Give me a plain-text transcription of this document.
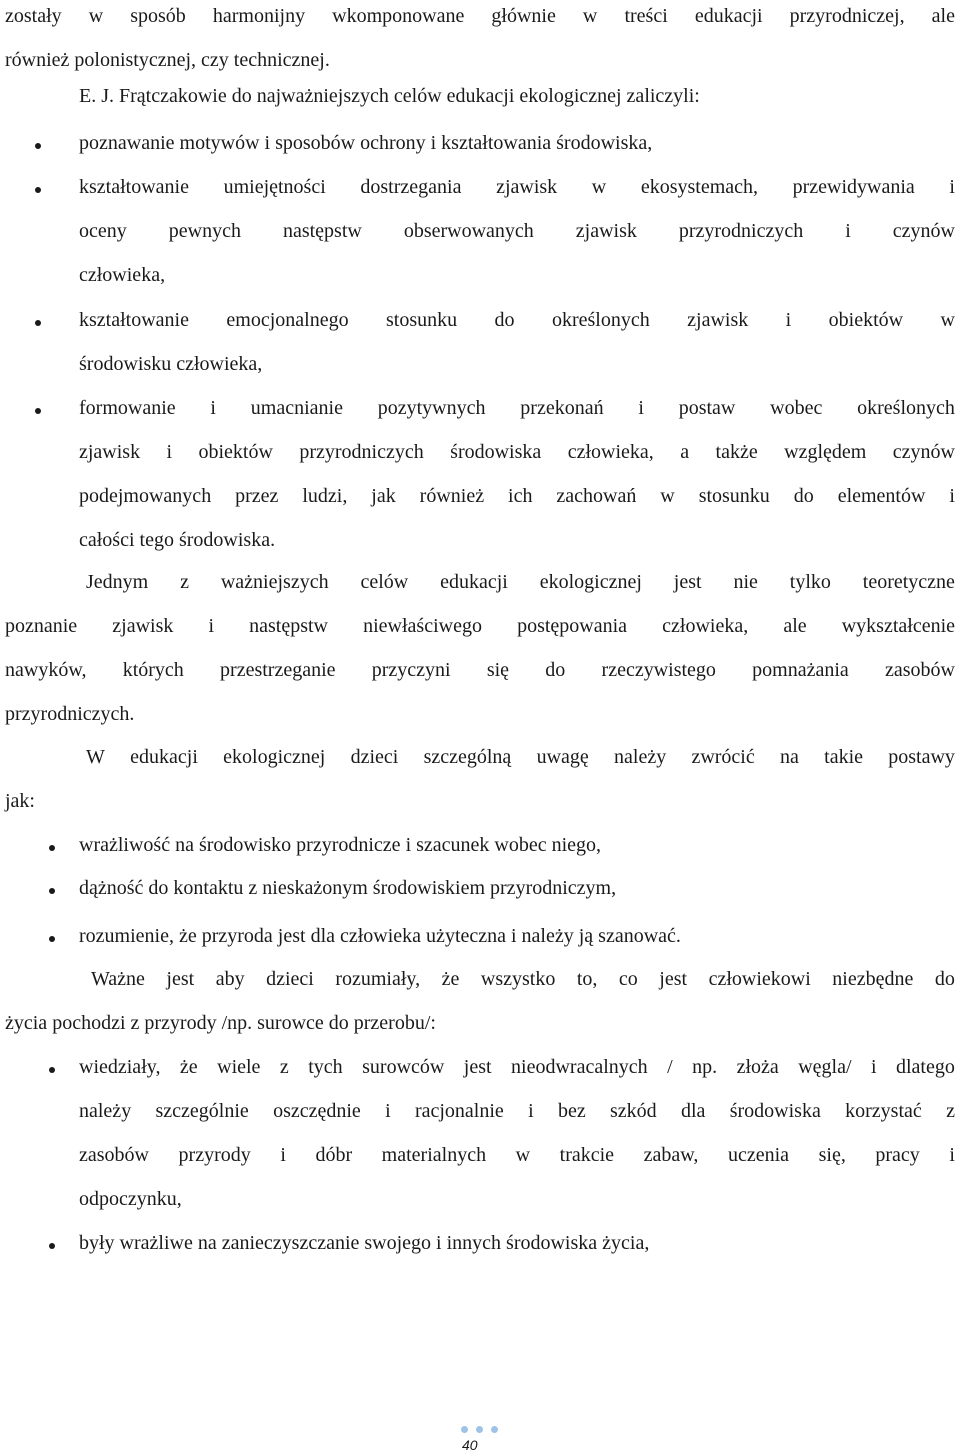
zostały w sposób harmonijny wkomponowane głównie w treści edukacji przyrodniczej, ale
również polonistycznej, czy technicznej.
E. J. Frątczakowie do najważniejszych celów edukacji ekologicznej zaliczyli:
poznawanie motywów i sposobów ochrony i kształtowania środowiska,
kształtowanie umiejętności dostrzegania zjawisk w ekosystemach, przewidywania i
oceny pewnych następstw obserwowanych zjawisk przyrodniczych i czynów
człowieka,
kształtowanie emocjonalnego stosunku do określonych zjawisk i obiektów w
środowisku człowieka,
formowanie i umacnianie pozytywnych przekonań i postaw wobec określonych
zjawisk i obiektów przyrodniczych środowiska człowieka, a także względem czynów
podejmowanych przez ludzi, jak również ich zachowań w stosunku do elementów i
całości tego środowiska.
Jednym z ważniejszych celów edukacji ekologicznej jest nie tylko teoretyczne
poznanie zjawisk i następstw niewłaściwego postępowania człowieka, ale wykształcenie
nawyków, których przestrzeganie przyczyni się do rzeczywistego pomnażania zasobów
przyrodniczych.
W edukacji ekologicznej dzieci szczególną uwagę należy zwrócić na takie postawy
jak:
wrażliwość na środowisko przyrodnicze i szacunek wobec niego,
dążność do kontaktu z nieskażonym środowiskiem przyrodniczym,
rozumienie, że przyroda jest dla człowieka użyteczna i należy ją szanować.
Ważne jest aby dzieci rozumiały, że wszystko to, co jest człowiekowi niezbędne do
życia pochodzi z przyrody /np. surowce do przerobu/:
wiedziały, że wiele z tych surowców jest nieodwracalnych / np. złoża węgla/ i dlatego
należy szczególnie oszczędnie i racjonalnie i bez szkód dla środowiska korzystać z
zasobów przyrody i dóbr materialnych w trakcie zabaw, uczenia się, pracy i
odpoczynku,
były wrażliwe na zanieczyszczanie swojego i innych środowiska życia,
40
